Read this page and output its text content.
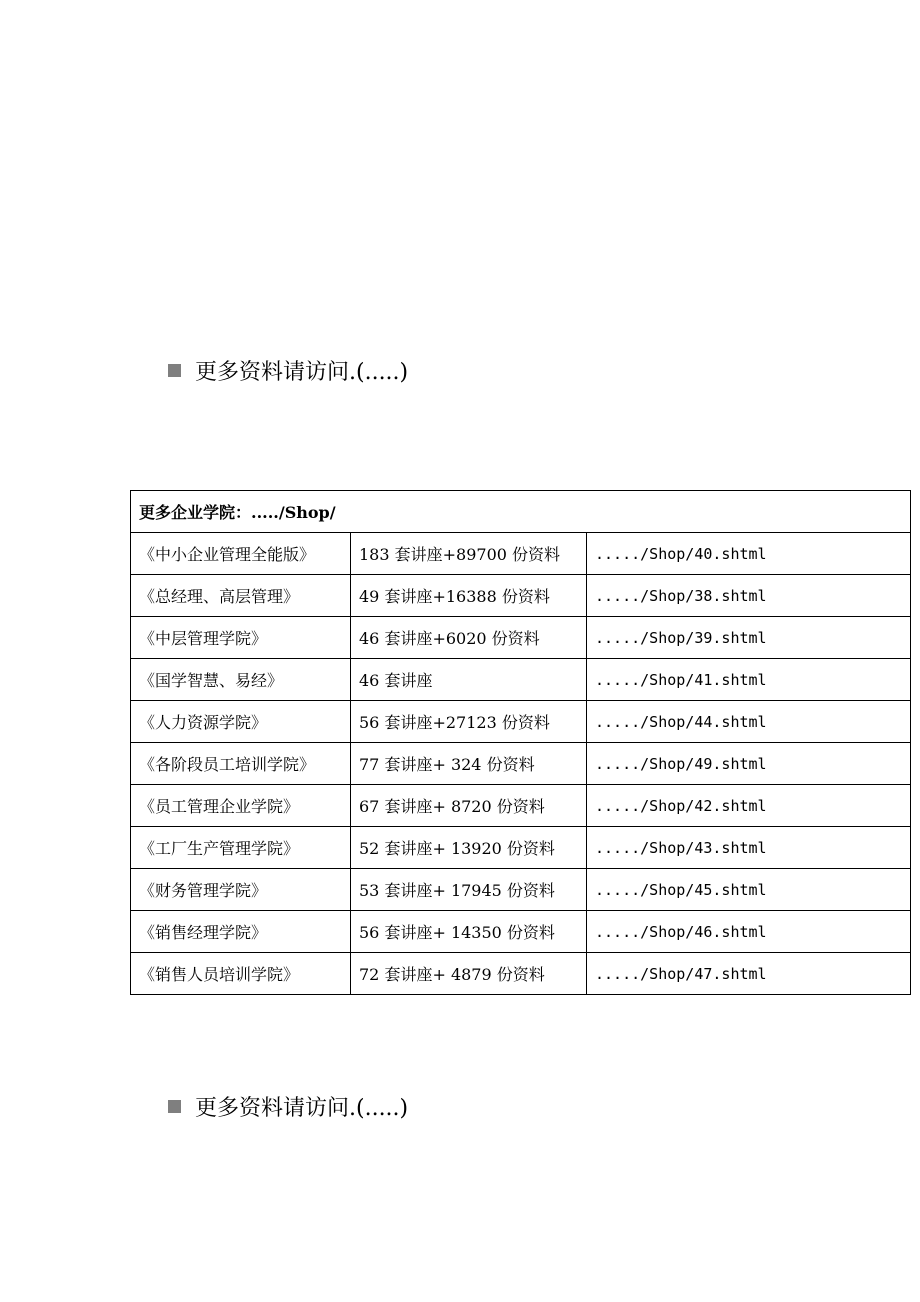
更多资料请访问.(.....)
更多企业学院：...../Shop/		
《中小企业管理全能版》	183 套讲座+89700 份资料	...../Shop/40.shtml
《总经理、高层管理》	49 套讲座+16388 份资料	...../Shop/38.shtml
《中层管理学院》	46 套讲座+6020 份资料	...../Shop/39.shtml
《国学智慧、易经》	46 套讲座	...../Shop/41.shtml
《人力资源学院》	56 套讲座+27123 份资料	...../Shop/44.shtml
《各阶段员工培训学院》	77 套讲座+ 324 份资料	...../Shop/49.shtml
《员工管理企业学院》	67 套讲座+ 8720 份资料	...../Shop/42.shtml
《工厂生产管理学院》	52 套讲座+ 13920 份资料	...../Shop/43.shtml
《财务管理学院》	53 套讲座+ 17945 份资料	...../Shop/45.shtml
《销售经理学院》	56 套讲座+ 14350 份资料	...../Shop/46.shtml
《销售人员培训学院》	72 套讲座+ 4879 份资料	...../Shop/47.shtml
更多资料请访问.(.....)
